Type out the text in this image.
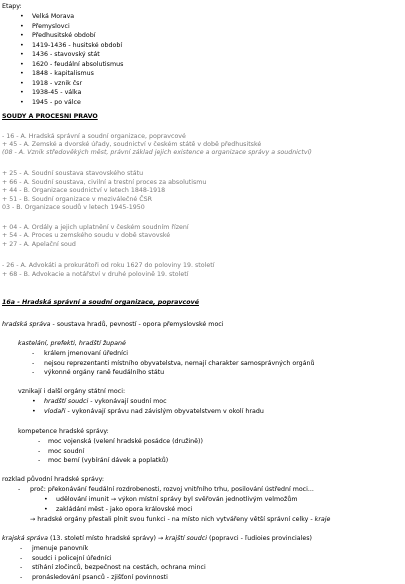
Etapy:
• Velká Morava
• Přemyslovci
• Předhusitské období
• 1419-1436 - husitské období
• 1436 - stavovský stát
• 1620 - feudální absolutismus
• 1848 - kapitalismus
• 1918 - vznik čsr
• 1938-45 - válka
• 1945 - po válce
SOUDY A PROCESNI PRAVO
- 16 - A. Hradská správní a soudní organizace, popravcové
+ 45 - A. Zemské a dvorské úřady, soudnictví v českém státě v době předhusitské
(08 - A. Vznik středověkých měst, právní základ jejich existence a organizace správy a soudnictví)
+ 25 - A. Soudní soustava stavovského státu
+ 66 - A. Soudní soustava, civilní a trestní proces za absolutismu
+ 44 - B. Organizace soudnictví v letech 1848-1918
+ 51 - B. Soudní organizace v meziválečné ČSR
03 - B. Organizace soudů v letech 1945-1950
+ 04 - A. Ordály a jejich uplatnění v českém soudním řízení
+ 54 - A. Proces u zemského soudu v době stavovské
+ 27 - A. Apelační soud
- 26 - A. Advokáti a prokurátoři od roku 1627 do poloviny 19. století
+ 68 - B. Advokacie a notářství v druhé polovině 19. století
16a - Hradská správní a soudní organizace, popravcové
hradská správa - soustava hradů, pevností - opora přemyslovské moci
kastelání, prefekti, hradští župané
- králem jmenovaní úředníci
- nejsou reprezentanti místního obyvatelstva, nemají charakter samosprávných orgánů
- výkonné orgány raně feudálního státu
vznikají i další orgány státní moci:
• hradští soudci - vykonávají soudní moc
• vlodaři - vykonávají správu nad závislým obyvatelstvem v okolí hradu
kompetence hradské správy:
- moc vojenská (velení hradské posádce (družině))
- moc soudní
- moc berní (vybírání dávek a poplatků)
rozklad původní hradské správy:
- proč: překonávání feudální rozdrobenosti, rozvoj vnitřního trhu, posilování ústřední moci...
• udělování imunit → výkon místní správy byl svěřován jednotlivým velmožům
• zakládání měst - jako opora královské moci
→ hradské orgány přestali plnit svou funkci - na místo nich vytvářeny větší správní celky - kraje
krajská správa (13. století místo hradské správy) → krajští soudci (popravci - ľudioies provinciales)
- jmenuje panovník
- soudci i policejní úředníci
- stíhání zločinců, bezpečnost na cestách, ochrana minci
- pronásledování psanců - zjišťoní povinnosti
